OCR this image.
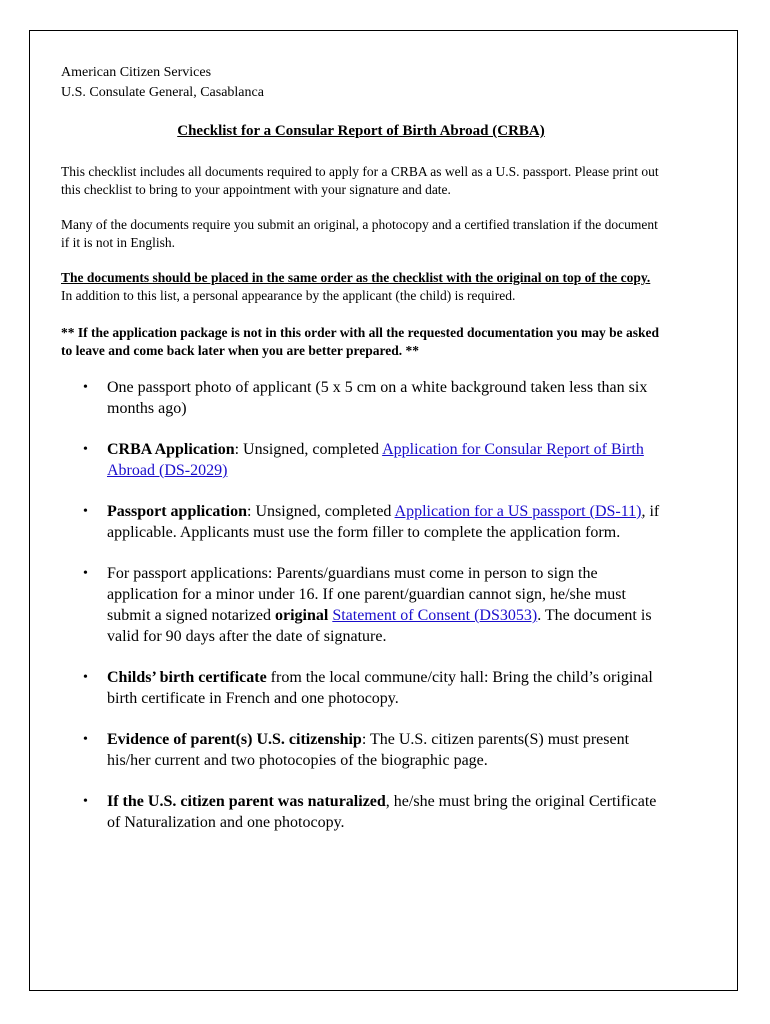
American Citizen Services

U.S. Consulate General, Casablanca

Checklist for a Consular Report of Birth Abroad (CRBA)

This checklist includes all documents required to apply for a CRBA as well as a U.S. passport. Please print out this checklist to bring to your appointment with your signature and date.

Many of the documents require you submit an original, a photocopy and a certified translation if the document if it is not in English.

The documents should be placed in the same order as the checklist with the original on top of the copy. In addition to this list, a personal appearance by the applicant (the child) is required.

** If the application package is not in this order with all the requested documentation you may be asked to leave and come back later when you are better prepared. **

• One passport photo of applicant (5 x 5 cm on a white background taken less than six months ago)
• CRBA Application: Unsigned, completed Application for Consular Report of Birth Abroad (DS-2029)
• Passport application: Unsigned, completed Application for a US passport (DS-11), if applicable. Applicants must use the form filler to complete the application form.
• For passport applications: Parents/guardians must come in person to sign the application for a minor under 16. If one parent/guardian cannot sign, he/she must submit a signed notarized original Statement of Consent (DS3053). The document is valid for 90 days after the date of signature.
• Childs’ birth certificate from the local commune/city hall: Bring the child’s original birth certificate in French and one photocopy.
• Evidence of parent(s) U.S. citizenship: The U.S. citizen parents(S) must present his/her current and two photocopies of the biographic page.
• If the U.S. citizen parent was naturalized, he/she must bring the original Certificate of Naturalization and one photocopy.
